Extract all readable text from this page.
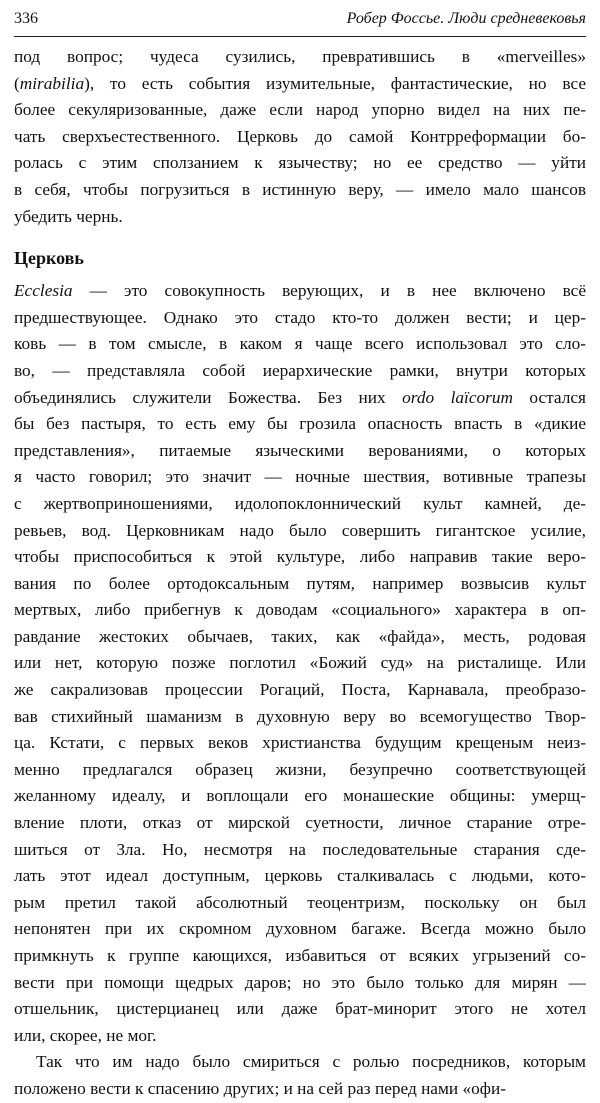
336	Робер Фоссье. Люди средневековья
под вопрос; чудеса сузились, превратившись в «merveilles»
(mirabilia), то есть события изумительные, фантастические, но все
более секуляризованные, даже если народ упорно видел на них пе-
чать сверхъестественного. Церковь до самой Контрреформации бо-
ролась с этим сползанием к язычеству; но ее средство — уйти
в себя, чтобы погрузиться в истинную веру, — имело мало шансов
убедить чернь.
Церковь
Ecclesia — это совокупность верующих, и в нее включено всё
предшествующее. Однако это стадо кто-то должен вести; и цер-
ковь — в том смысле, в каком я чаще всего использовал это сло-
во, — представляла собой иерархические рамки, внутри которых
объединялись служители Божества. Без них ordo laïcorum остался
бы без пастыря, то есть ему бы грозила опасность впасть в «дикие
представления», питаемые языческими верованиями, о которых
я часто говорил; это значит — ночные шествия, вотивные трапезы
с жертвоприношениями, идолопоклоннический культ камней, де-
ревьев, вод. Церковникам надо было совершить гигантское усилие,
чтобы приспособиться к этой культуре, либо направив такие веро-
вания по более ортодоксальным путям, например возвысив культ
мертвых, либо прибегнув к доводам «социального» характера в оп-
равдание жестоких обычаев, таких, как «файда», месть, родовая
или нет, которую позже поглотил «Божий суд» на ристалище. Или
же сакрализовав процессии Рогаций, Поста, Карнавала, преобразо-
вав стихийный шаманизм в духовную веру во всемогущество Твор-
ца. Кстати, с первых веков христианства будущим крещеным неиз-
менно предлагался образец жизни, безупречно соответствующей
желанному идеалу, и воплощали его монашеские общины: умерщ-
вление плоти, отказ от мирской суетности, личное старание отре-
шиться от Зла. Но, несмотря на последовательные старания сде-
лать этот идеал доступным, церковь сталкивалась с людьми, кото-
рым претил такой абсолютный теоцентризм, поскольку он был
непонятен при их скромном духовном багаже. Всегда можно было
примкнуть к группе кающихся, избавиться от всяких угрызений со-
вести при помощи щедрых даров; но это было только для мирян —
отшельник, цистерцианец или даже брат-минорит этого не хотел
или, скорее, не мог.
Так что им надо было смириться с ролью посредников, которым
положено вести к спасению других; и на сей раз перед нами «офи-
